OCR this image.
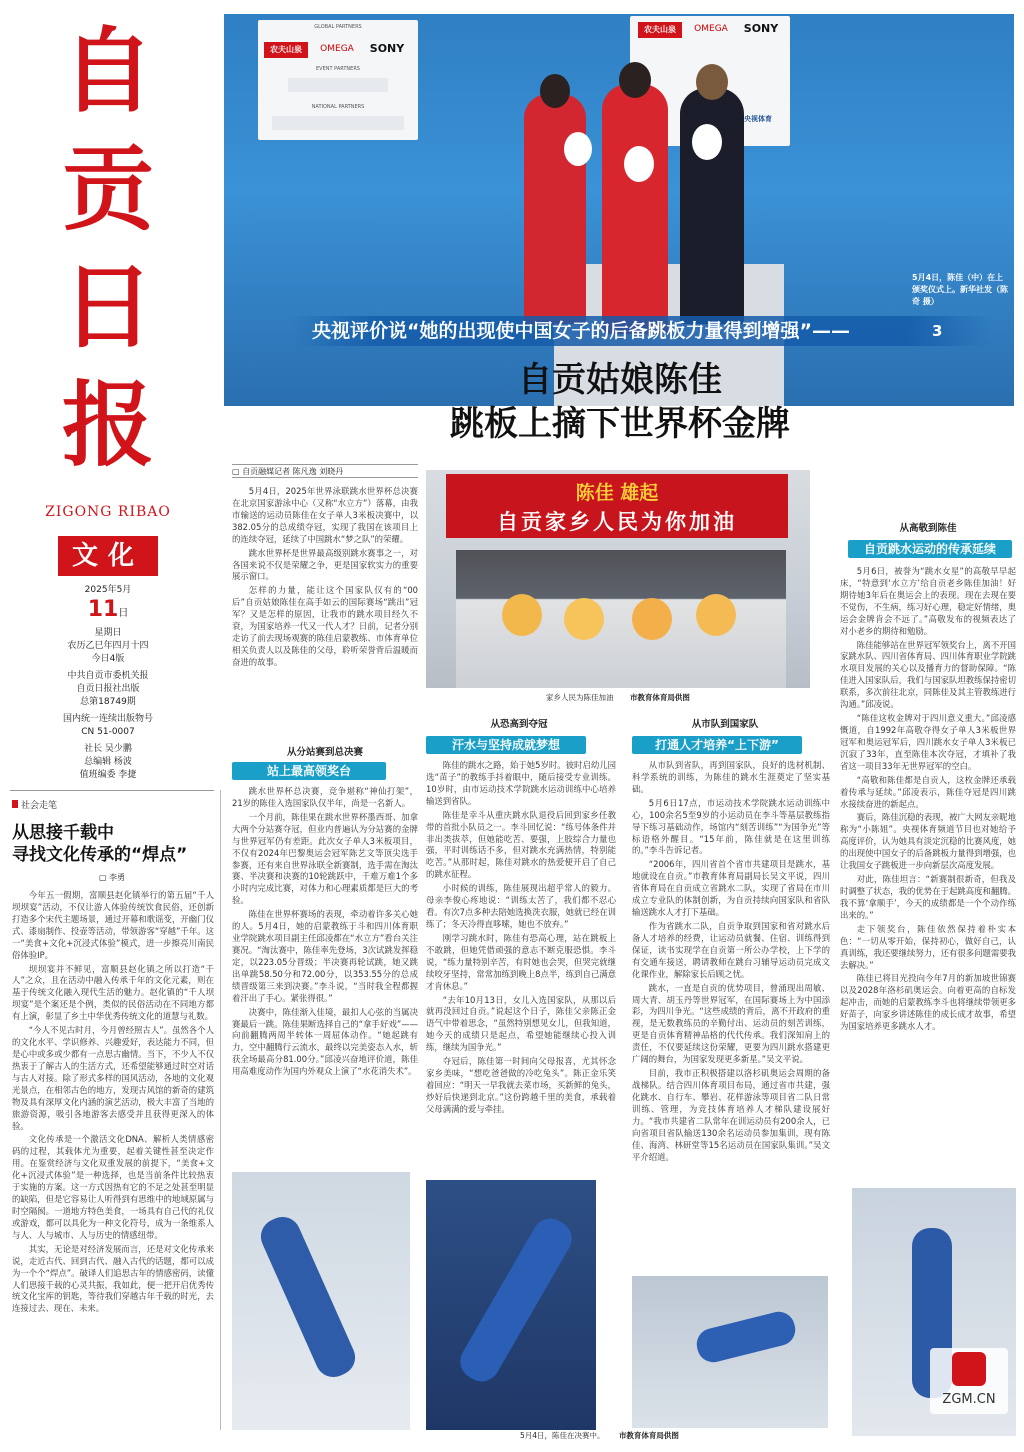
自
贡
日
报
ZIGONG RIBAO
文化
2025年5月
11日
星期日
农历乙巳年四月十四
今日4版
中共自贡市委机关报
自贡日报社出版
总第18749期
国内统一连续出版物号
CN 51-0007
社长 吴少鹏
总编辑 杨波
值班编委 李捷
GLOBAL PARTNERS
农夫山泉	OMEGA	SONY
EVENT PARTNERS
NATIONAL PARTNERS
农夫山泉	OMEGA	SONY
央视体育
5月4日，陈佳（中）在上颁奖仪式上。新华社发（陈奇 摄）
央视评价说“她的出现使中国女子的后备跳板力量得到增强”——	3
自贡姑娘陈佳
跳板上摘下世界杯金牌
▢ 自贡融媒记者 陈凡逸 刘晓丹

5月4日，2025年世界泳联跳水世界杯总决赛在北京国家游泳中心（又称“水立方”）落幕，由我市输送的运动员陈佳在女子单人3米板决赛中，以382.05分的总成绩夺冠，实现了我国在该项目上的连续夺冠，延续了中国跳水“梦之队”的荣耀。

跳水世界杯是世界最高级别跳水赛事之一，对各国来说不仅是荣耀之争，更是国家软实力的重要展示窗口。

怎样的力量，能让这个国家队仅有的“00后”自贡姑娘陈佳在高手如云的国际赛场“跳出”冠军？又是怎样的原因，让我市的跳水项目经久不衰，为国家培养一代又一代人才？日前，记者分别走访了前去现场观赛的陈佳启蒙教练、市体育单位相关负责人以及陈佳的父母，聆听荣誉背后温暖而奋进的故事。

陈佳 雄起
自贡家乡人民为你加油
家乡人民为陈佳加油 市教育体育局供图
从分站赛到总决赛
站上最高领奖台

跳水世界杯总决赛，竞争堪称“神仙打架”，21岁的陈佳入选国家队仅半年，尚是一名新人。

一个月前，陈佳果在跳水世界杯墨西哥、加拿大两个分站赛夺冠，但业内普遍认为分站赛的金牌与世界冠军仍有差距。此次女子单人3米板项目，不仅有2024年巴黎奥运会冠军陈艺文等顶尖选手参赛，还有来自世界泳联全新赛制，选手需在淘汰赛、半决赛和决赛的10轮跳跃中，千难万难1个多小时内完成比赛，对体力和心理素质都是巨大的考验。

陈佳在世界杯赛场的表现，牵动着许多关心她的人。5月4日，她的启蒙教练于斗和四川体育职业学院跳水项目副主任邱凌都在“水立方”看台关注赛况。“淘汰赛中，陈佳率先登场，3次试跳发挥稳定，以223.05分晋级；半决赛再轮试跳，她又跳出单跳58.50分和72.00分，以353.55分的总成绩晋级第三来到决赛。”李斗说，“当时我全程都握着汗出了手心。紧张得很。”

决赛中，陈佳渐入佳境，最扣人心弦的当属决赛最后一跳。陈佳果断选择自己的“拿手好戏”——向前翻腾两周半转体一周屈体动作。“她起跳有力，空中翻腾行云流水，最终以完美姿态入水，斩获全场最高分81.00分。”邱凌兴奋地评价道，陈佳用高难度动作为国内外观众上演了“水花消失术”。

从恐高到夺冠
汗水与坚持成就梦想

陈佳的跳水之路，始于她5岁时。彼时启幼儿园选“苗子”的教练手抖着眼中，随后接受专业训练。10岁时，由市运动技术学院跳水运动训练中心培养输送到省队。

陈佳是幸斗从重庆跳水队退役后回到家乡任教带的首批小队员之一。李斗回忆说：“练号体条件并非出类拔萃，但她能吃苦、要强，上肢综合力量也强，平时训练话不多，但对跳水充满热情，特别能吃苦。”从那时起，陈佳对跳水的热爱便开启了自己的跳水征程。

小时候的训练，陈佳展现出超乎常人的毅力。母亲李俊心疼地说：“训练太苦了，我们都不忍心看。有次7点多种去陪她选换洗衣服，她就已经在训练了；冬天冷得直哆嗦，她也不放弃。”

刚学习跳水时，陈佳有恐高心理，站在跳板上不敢跳，但她凭借顽强的意志不断克服恐惧。李斗说，“练力量特别辛苦，有时她也会哭，但哭完就继续咬牙坚持，常常加练到晚上8点半，练到自己满意才肯休息。”

“去年10月13日，女儿入选国家队，从那以后就再没回过自贡。”说起这个日子，陈佳父亲陈正金语气中带着思念，“虽然特别想见女儿，但我知道，她今天的成绩只是起点，希望她能继续心投入训练，继续为国争光。”

夺冠后，陈佳第一时间向父母报喜，尤其怀念家乡美味，“想吃爸爸做的冷吃兔头”。陈正金乐笑着回应：“明天一早我就去菜市场，买新鲜的兔头，炒好后快递到北京。”这份跨越千里的美食，承载着父母满满的爱与牵挂。

从市队到国家队
打通人才培养“上下游”

从市队到省队，再到国家队，良好的选材机制、科学系统的训练，为陈佳的跳水生涯奠定了坚实基础。

5月6日17点，市运动技术学院跳水运动训练中心，100余名5至9岁的小运动员在李斗等基层教练指导下练习基础动作，场馆内“刻苦训练”“为国争光”等标语格外醒目。“15年前，陈佳就是在这里训练的。”李斗告诉记者。

“2006年，四川省首个省市共建项目是跳水，基地就设在自贡。”市教育体育局副局长吴文平说，四川省体育局在自贡成立省跳水二队，实现了省局在市川成立专业队的体制创新，为自贡持续向国家队和省队输送跳水人才打下基础。

作为省跳水二队，自贡争取到国家和省对跳水后备人才培养的经费，让运动员就餐、住宿、训练得到保证，读书实现学在自贡第一所公办学校，上下学的有交通车接送，聘请教师在跳台习辅导运动员完成文化课作业，解除家长后顾之忧。

跳水，一直是自贡的优势项目，曾涌现出周敏、周大青、胡玉丹等世界冠军，在国际赛场上为中国添彩，为四川争光。“这些成绩的背后，离不开政府的重视，是无数教练员的辛勤付出、运动员的刻苦训练，更是自贡体育精神品格的代代传承。我们深知肩上的责任，不仅要延续这份荣耀，更要为四川跳水搭建更广阔的舞台，为国家发现更多新星。”吴文平说。

目前，我市正积极搭建以洛杉矶奥运会周期的备战梯队。结合四川体育项目布局，通过省市共建，强化跳水、自行车、攀岩、花样游泳等项目省二队日常训练、管理，为竞技体育培养人才梯队建设展好力。“我市共建省二队常年在训运动员有200余人，已向省项目省队输送130余名运动员参加集训，现有陈佳、海湾、林研堂等15名运动员在国家队集训。”吴文平介绍道。

从高敬到陈佳
自贡跳水运动的传承延续

5月6日，被誉为“跳水女星”的高敬早早起床，“特意到‘水立方’给自贡老乡陈佳加油！好期待她3年后在奥运会上的表现。现在去现在要不觉伤，不生病，练习好心理，稳定好情绪，奥运会金牌肯会不远了。”高敬发布的视频表达了对小老乡的期待和勉励。

陈佳能够站在世界冠军领奖台上，离不开国家跳水队、四川省体育局、四川体育职业学院跳水项目发展的关心以及播育力的督助保障。“陈佳进入国家队后，我们与国家队坦教练保持密切联系，多次前往北京，同陈佳及其主管教练进行沟通。”邱凌说。

“陈佳这枚金牌对于四川意义重大。”邱凌感慨道，自1992年高敬夺得女子单人3米板世界冠军和奥运冠军后，四川跳水女子单人3米板已沉寂了33年，直至陈佳本次夺冠，才填补了我省这一项目33年无世界冠军的空白。

“高敬和陈佳都是自贡人，这枚金牌还承载着传承与延续。”邱凌表示，陈佳夺冠是四川跳水接续奋进的新起点。

赛后，陈佳沉稳的表现，被广大网友亲昵地称为“小陈姐”。央视体育频道节目也对她给予高度评价，认为她具有淡定沉稳的比赛风度，她的出现使中国女子的后备跳板力量得到增强，也让我国女子跳板进一步向新层次高度发展。

对此，陈佳坦言：“新赛制很新奇，但我及时调整了状态，我的优势在于起跳高度和翻腾。我不算‘拿顺手’，今天的成绩都是一个个动作练出来的。”

走下领奖台，陈佳依然保持着朴实本色：“一切从零开始，保持初心，做好自己，认真训练，我还要继续努力，还有很多问题需要我去解决。”

陈佳已将目光投向今年7月的新加坡世锦赛以及2028年洛杉矶奥运会。向着更高的自标发起冲击，而她的启蒙教练李斗也将继续带领更多好苗子，向家乡讲述陈佳的成长成才故事，希望为国家培养更多跳水人才。

社会走笔
从思接千载中
寻找文化传承的“焊点”
▢ 李勇

今年五一假期，富顺县赵化镇举行的第五届“千人坝坝宴”活动，不仅让游人体验传统饮食民俗，还创新打造多个宋代主题场景，通过开幕和歌谣变，开幽门仪式、漆扇制作、投壶等活动，带领游客“穿越”千年。这一“美食+文化+沉浸式体验”模式，进一步擦亮川南民俗体验IP。

坝坝宴并不鲜见，富顺县赵化镇之所以打造“千人”之众，且在活动中融入传承千年的文化元素，则在基于传统文化融入现代生活的魅力。赵化镇的“千人坝坝宴”是个案还是个例，类似的民俗活动在不同地方都有上演，彰显了乡土中华优秀传统文化的道慧与礼数。

“今人不见古时月，今月曾经照古人”。虽然各个人的文化水平、学识修养、兴趣爱好，表达能力不同，但是心中或多或少都有一点思古幽情。当下，不少人不仅热衷于了解古人的生活方式，还希望能够通过时空对话与古人对接。除了形式多样的国风活动，各地的文化观光景点，在相邻古色的地方，发现古风馆的新奇的建筑物及具有深厚文化内涵的演艺活动，极大丰富了当地的旅游资源，吸引各地游客去感受并且获得更深入的体验。

文化传承是一个激活文化DNA、解析人类情感密码的过程，其载体尤为重要，起着关键性甚至决定作用。在鉴赏经济与文化双重发展的前提下，“美食+文化+沉浸式体验”是一种选择，也是当前条件比较热衷于实施的方案。这一方式因热有它的不足之处甚至明显的缺陷，但是它容易让人听得到有思维中的地域原属与时空隔阂。一道地方特色美食，一场具有自己代的礼仪或游戏，都可以具化为一种文化符号，成为一条维系人与人、人与城市、人与历史的情感纽带。

其实，无论是对经济发展而言，还是对文化传承来说，走近古代、回到古代、融入古代的话题，都可以成为一个个“焊点”。破译人们追思古年的情感密码，读懂人们思接千载的心灵共振，我如此，便一把开启优秀传统文化宝库的钥匙，等待我们穿越古年千载的时光，去连接过去、现在、未来。

5月4日，陈佳在决赛中。 市教育体育局供图
ZGM.CN
